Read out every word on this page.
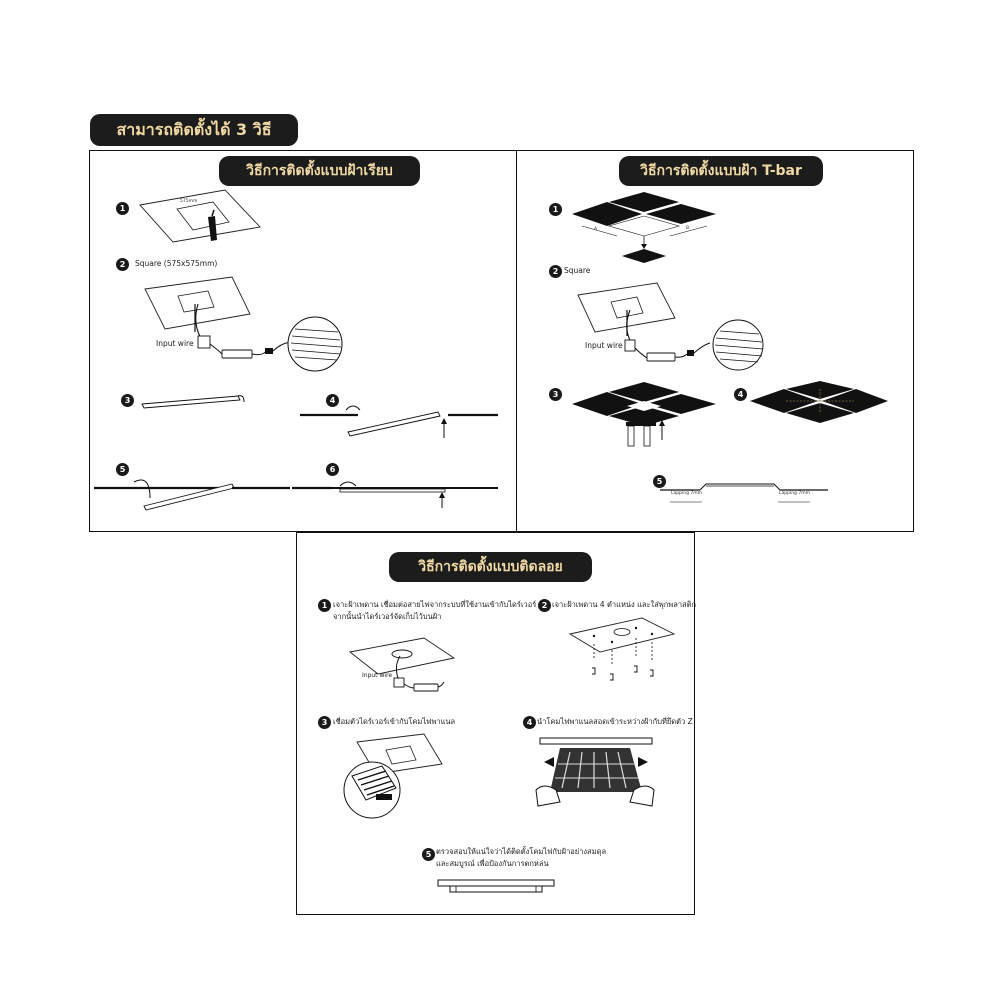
สามารถติดตั้งได้ 3 วิธี
วิธีการติดตั้งแบบฝ้าเรียบ
1
575mm
2	Square (575x575mm)
Input wire
3	4
5	6
วิธีการติดตั้งแบบฝ้า T-bar
1
A	B
2 Square
Input wire
3	4
5
Lapping 7mm	Lapping 7mm
วิธีการติดตั้งแบบติดลอย
1 เจาะฝ้าเพดาน เชื่อมต่อสายไฟจากระบบที่ใช้งานเข้ากับไดร์เวอร์
จากนั้นนำไดร์เวอร์จัดเก็บไว้บนฝ้า
Input wire
2 เจาะฝ้าเพดาน 4 ตำแหน่ง และใส่พุกพลาสติก
3 เชื่อมตัวไดร์เวอร์เข้ากับโคมไฟพาแนล	4 นำโคมไฟพาแนลสอดเข้าระหว่างฝ้ากับที่ยึดตัว Z
5 ตรวจสอบให้แน่ใจว่าได้ติดตั้งโคมไฟกับฝ้าอย่างสมดุล
และสมบูรณ์ เพื่อป้องกันการตกหล่น
